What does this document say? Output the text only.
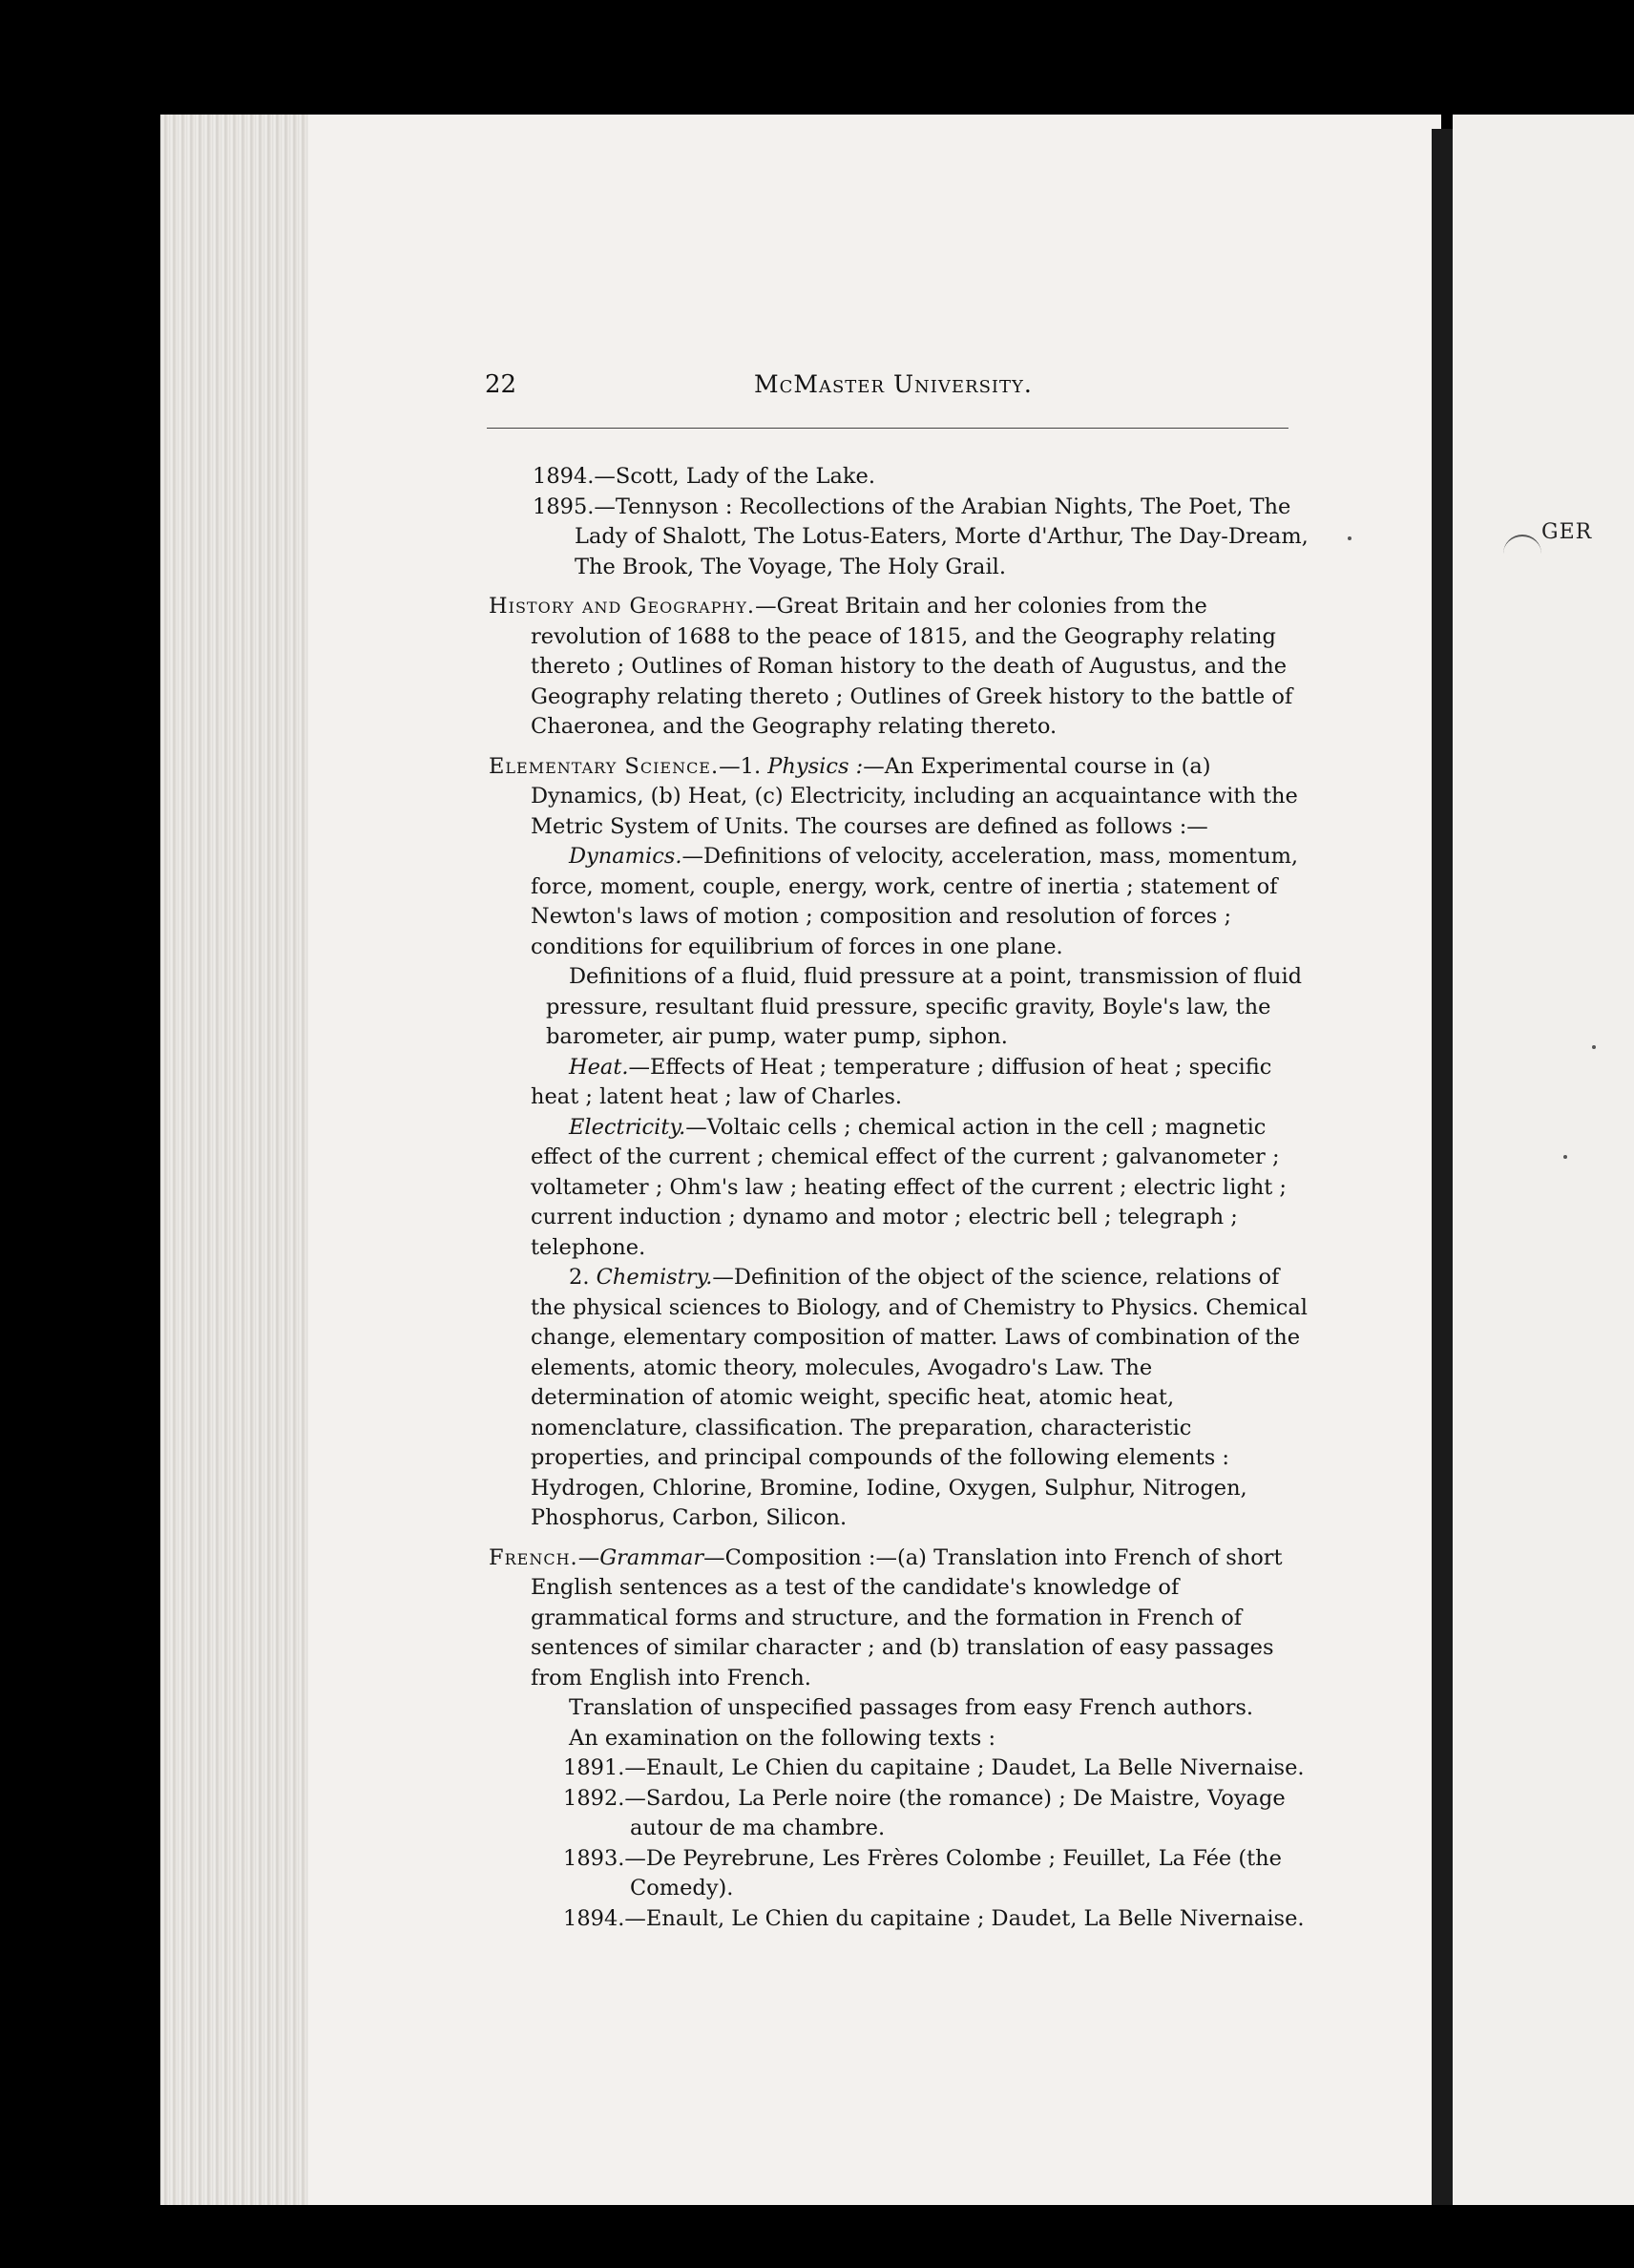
GER
22	McMaster University.

1894.—Scott, Lady of the Lake.

1895.—Tennyson : Recollections of the Arabian Nights, The Poet, The Lady of Shalott, The Lotus-Eaters, Morte d'Arthur, The Day-Dream, The Brook, The Voyage, The Holy Grail.

History and Geography.—Great Britain and her colonies from the revolution of 1688 to the peace of 1815, and the Geography relating thereto ; Outlines of Roman history to the death of Augustus, and the Geography relating thereto ; Outlines of Greek history to the battle of Chaeronea, and the Geography relating thereto.

Elementary Science.—1. Physics :—An Experimental course in (a) Dynamics, (b) Heat, (c) Electricity, including an acquaintance with the Metric System of Units. The courses are defined as follows :—

Dynamics.—Definitions of velocity, acceleration, mass, momentum, force, moment, couple, energy, work, centre of inertia ; statement of Newton's laws of motion ; composition and resolution of forces ; conditions for equilibrium of forces in one plane.

Definitions of a fluid, fluid pressure at a point, transmission of fluid pressure, resultant fluid pressure, specific gravity, Boyle's law, the barometer, air pump, water pump, siphon.

Heat.—Effects of Heat ; temperature ; diffusion of heat ; specific heat ; latent heat ; law of Charles.

Electricity.—Voltaic cells ; chemical action in the cell ; magnetic effect of the current ; chemical effect of the current ; galvanometer ; voltameter ; Ohm's law ; heating effect of the current ; electric light ; current induction ; dynamo and motor ; electric bell ; telegraph ; telephone.

2. Chemistry.—Definition of the object of the science, relations of the physical sciences to Biology, and of Chemistry to Physics. Chemical change, elementary composition of matter. Laws of combination of the elements, atomic theory, molecules, Avogadro's Law. The determination of atomic weight, specific heat, atomic heat, nomenclature, classification. The preparation, characteristic properties, and principal compounds of the following elements : Hydrogen, Chlorine, Bromine, Iodine, Oxygen, Sulphur, Nitrogen, Phosphorus, Carbon, Silicon.

French.—Grammar—Composition :—(a) Translation into French of short English sentences as a test of the candidate's knowledge of grammatical forms and structure, and the formation in French of sentences of similar character ; and (b) translation of easy passages from English into French.

Translation of unspecified passages from easy French authors.

An examination on the following texts :

1891.—Enault, Le Chien du capitaine ; Daudet, La Belle Nivernaise.

1892.—Sardou, La Perle noire (the romance) ; De Maistre, Voyage autour de ma chambre.

1893.—De Peyrebrune, Les Frères Colombe ; Feuillet, La Fée (the Comedy).

1894.—Enault, Le Chien du capitaine ; Daudet, La Belle Nivernaise.
